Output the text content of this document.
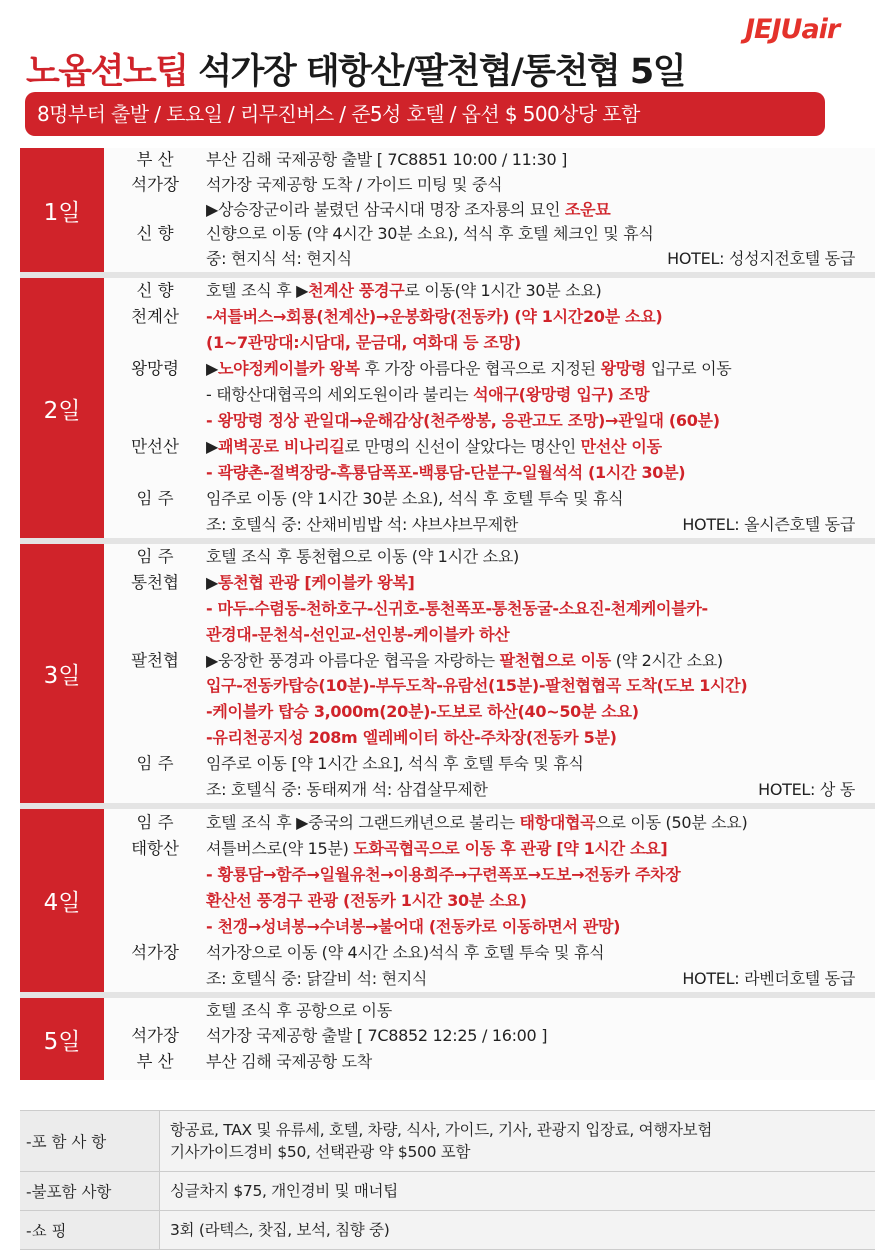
JEJUair
노옵션노팁 석가장 태항산/팔천협/통천협 5일
8명부터 출발 / 토요일 / 리무진버스 / 준5성 호텔 / 옵션 $ 500상당 포함
1일
부 산	부산 김해 국제공항 출발 [ 7C8851 10:00 / 11:30 ]
석가장	석가장 국제공항 도착 / 가이드 미팅 및 중식
▶상승장군이라 불렸던 삼국시대 명장 조자룡의 묘인 조운묘
신 향	신향으로 이동 (약 4시간 30분 소요), 석식 후 호텔 체크인 및 휴식
중: 현지식 석: 현지식	HOTEL: 성성지전호텔 동급
2일
신 향	호텔 조식 후 ▶천계산 풍경구로 이동(약 1시간 30분 소요)
천계산	-셔틀버스→회룡(천계산)→운봉화랑(전동카) (약 1시간20분 소요)
(1~7관망대:시담대, 문금대, 여화대 등 조망)
왕망령	▶노야정케이블카 왕복 후 가장 아름다운 협곡으로 지정된 왕망령 입구로 이동
- 태항산대협곡의 세외도원이라 불리는 석애구(왕망령 입구) 조망
- 왕망령 정상 관일대→운해감상(천주쌍봉, 응관고도 조망)→관일대 (60분)
만선산	▶괘벽공로 비나리길로 만명의 신선이 살았다는 명산인 만선산 이동
- 곽량촌-절벽장랑-흑룡담폭포-백룡담-단분구-일월석석 (1시간 30분)
임 주	임주로 이동 (약 1시간 30분 소요), 석식 후 호텔 투숙 및 휴식
조: 호텔식 중: 산채비빔밥 석: 샤브샤브무제한	HOTEL: 올시즌호텔 동급
3일
임 주	호텔 조식 후 통천협으로 이동 (약 1시간 소요)
통천협	▶통천협 관광 [케이블카 왕복]
- 마두-수렴동-천하호구-신귀호-통천폭포-통천동굴-소요진-천계케이블카-
관경대-문천석-선인교-선인봉-케이블카 하산
팔천협	▶웅장한 풍경과 아름다운 협곡을 자랑하는 팔천협으로 이동 (약 2시간 소요)
입구-전동카탑승(10분)-부두도착-유람선(15분)-팔천협협곡 도착(도보 1시간)
-케이블카 탑승 3,000m(20분)-도보로 하산(40~50분 소요)
-유리천공지성 208m 엘레베이터 하산-주차장(전동카 5분)
임 주	임주로 이동 [약 1시간 소요], 석식 후 호텔 투숙 및 휴식
조: 호텔식 중: 동태찌개 석: 삼겹살무제한	HOTEL: 상 동
4일
임 주	호텔 조식 후 ▶중국의 그랜드캐년으로 불리는 태항대협곡으로 이동 (50분 소요)
태항산	셔틀버스로(약 15분) 도화곡협곡으로 이동 후 관광 [약 1시간 소요]
- 황룡담→함주→일월유천→이용희주→구련폭포→도보→전동카 주차장
환산선 풍경구 관광 (전동카 1시간 30분 소요)
- 천갱→성녀봉→수녀봉→불어대 (전동카로 이동하면서 관망)
석가장	석가장으로 이동 (약 4시간 소요)석식 후 호텔 투숙 및 휴식
조: 호텔식 중: 닭갈비 석: 현지식	HOTEL: 라벤더호텔 동급
5일
호텔 조식 후 공항으로 이동
석가장	석가장 국제공항 출발 [ 7C8852 12:25 / 16:00 ]
부 산	부산 김해 국제공항 도착
-포 함 사 항
항공료, TAX 및 유류세, 호텔, 차량, 식사, 가이드, 기사, 관광지 입장료, 여행자보험
기사가이드경비 $50, 선택관광 약 $500 포함
-불포함 사항	싱글차지 $75, 개인경비 및 매너팁
-쇼 핑	3회 (라텍스, 찻집, 보석, 침향 중)
